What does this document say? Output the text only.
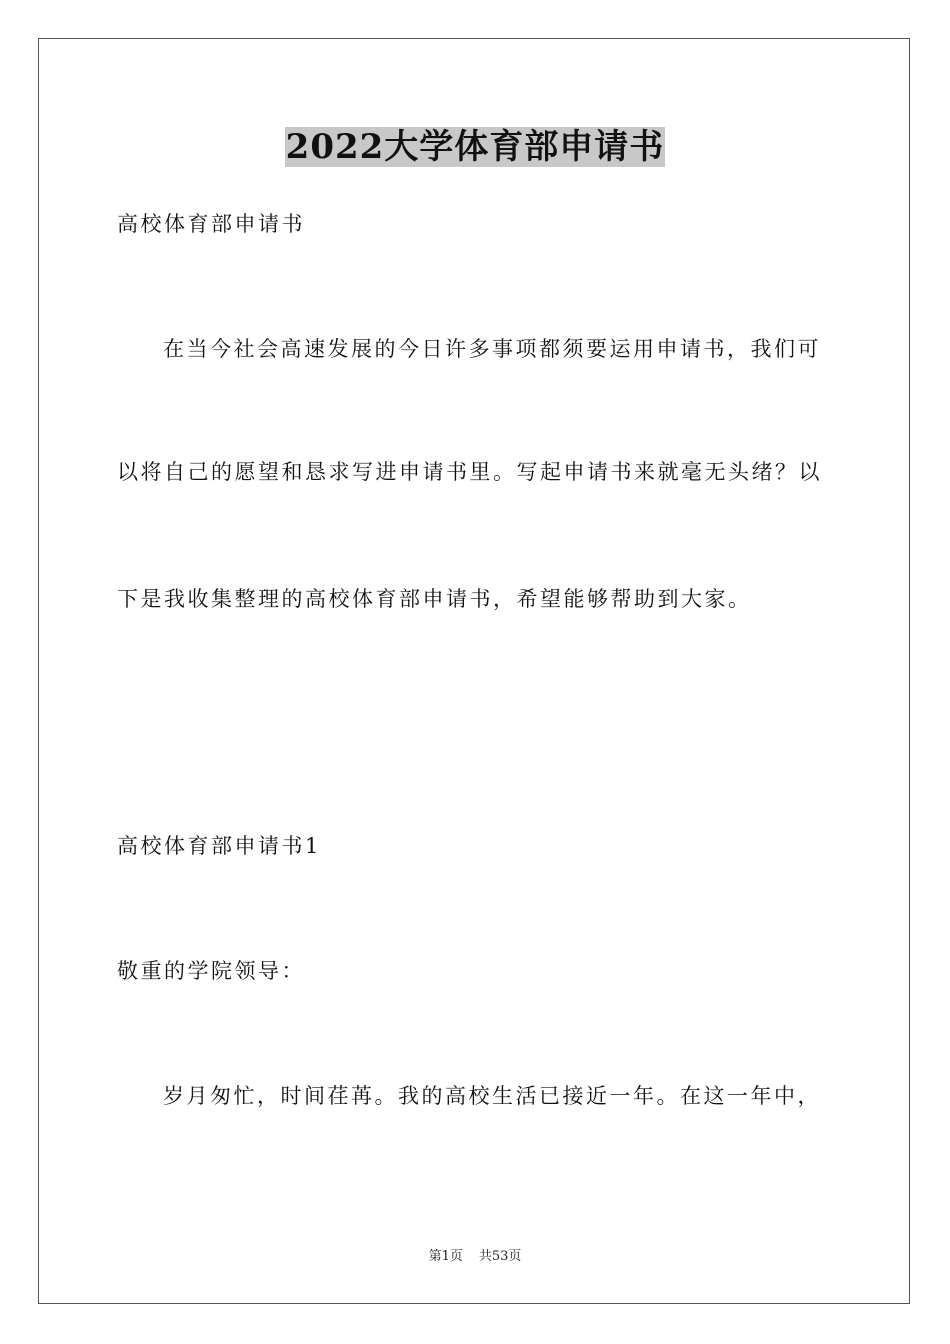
2022大学体育部申请书
高校体育部申请书
在当今社会高速发展的今日许多事项都须要运用申请书，我们可
以将自己的愿望和恳求写进申请书里。写起申请书来就毫无头绪？以
下是我收集整理的高校体育部申请书，希望能够帮助到大家。
高校体育部申请书1
敬重的学院领导：
岁月匆忙，时间荏苒。我的高校生活已接近一年。在这一年中，
第1页 共53页
